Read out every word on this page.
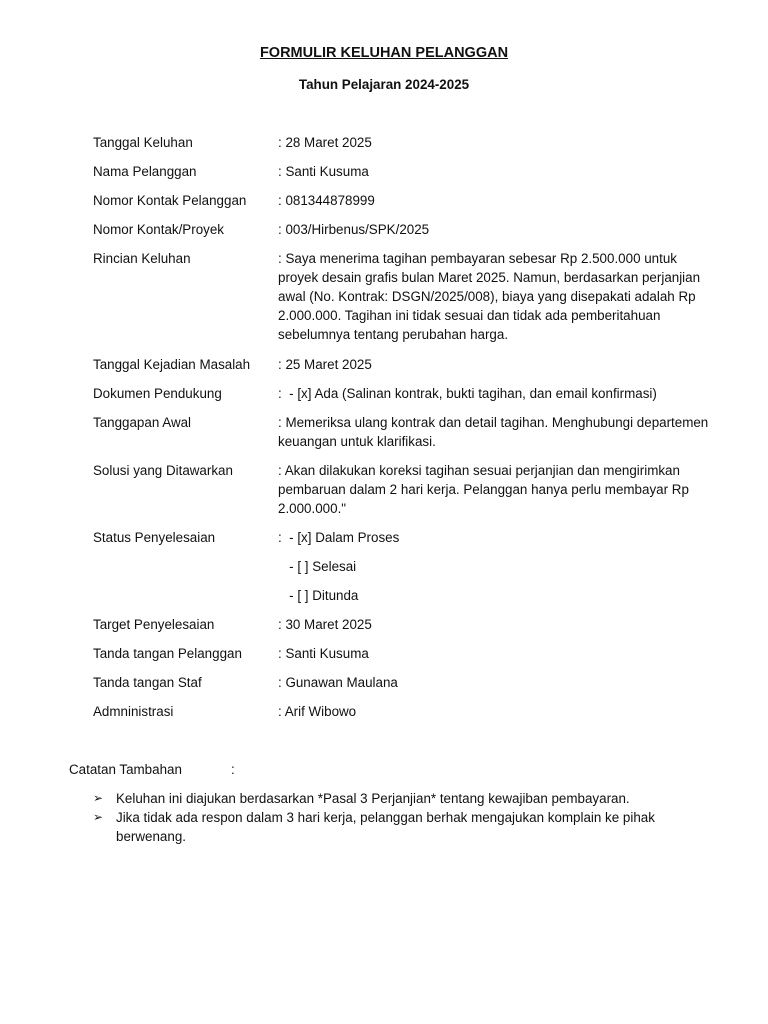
FORMULIR KELUHAN PELANGGAN
Tahun Pelajaran 2024-2025
Tanggal Keluhan	: 28 Maret 2025
Nama Pelanggan	: Santi Kusuma
Nomor Kontak Pelanggan	: 081344878999
Nomor Kontak/Proyek	: 003/Hirbenus/SPK/2025
Rincian Keluhan	: Saya menerima tagihan pembayaran sebesar Rp 2.500.000 untuk proyek desain grafis bulan Maret 2025. Namun, berdasarkan perjanjian awal (No. Kontrak: DSGN/2025/008), biaya yang disepakati adalah Rp 2.000.000. Tagihan ini tidak sesuai dan tidak ada pemberitahuan sebelumnya tentang perubahan harga.
Tanggal Kejadian Masalah	: 25 Maret 2025
Dokumen Pendukung	:  - [x] Ada (Salinan kontrak, bukti tagihan, dan email konfirmasi)
Tanggapan Awal	: Memeriksa ulang kontrak dan detail tagihan. Menghubungi departemen keuangan untuk klarifikasi.
Solusi yang Ditawarkan	: Akan dilakukan koreksi tagihan sesuai perjanjian dan mengirimkan pembaruan dalam 2 hari kerja. Pelanggan hanya perlu membayar Rp 2.000.000."
Status Penyelesaian	:  - [x] Dalam Proses
- [ ] Selesai
- [ ] Ditunda
Target Penyelesaian	: 30 Maret 2025
Tanda tangan Pelanggan	: Santi Kusuma
Tanda tangan Staf	: Gunawan Maulana
Admninistrasi	: Arif Wibowo
Catatan Tambahan	:
➢ Keluhan ini diajukan berdasarkan *Pasal 3 Perjanjian* tentang kewajiban pembayaran.
➢ Jika tidak ada respon dalam 3 hari kerja, pelanggan berhak mengajukan komplain ke pihak berwenang.
